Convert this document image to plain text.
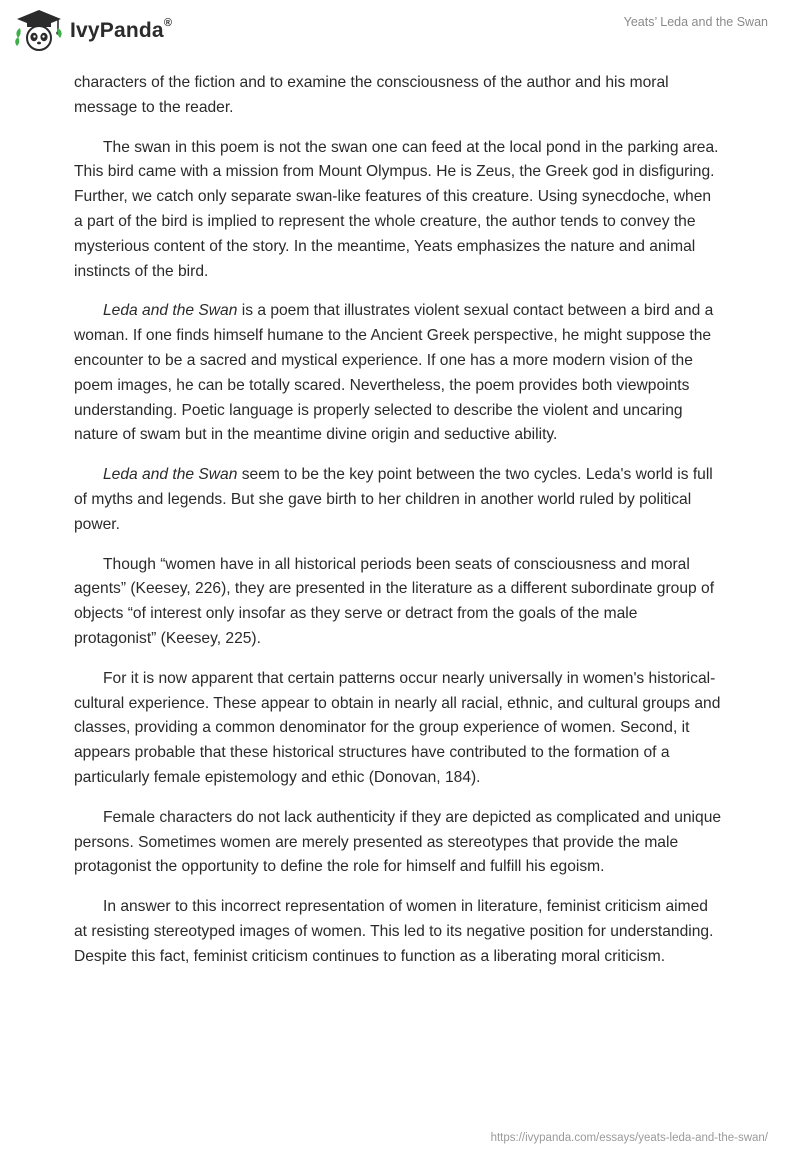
IvyPanda®	Yeats’ Leda and the Swan

characters of the fiction and to examine the consciousness of the author and his moral message to the reader.

The swan in this poem is not the swan one can feed at the local pond in the parking area. This bird came with a mission from Mount Olympus. He is Zeus, the Greek god in disfiguring. Further, we catch only separate swan-like features of this creature. Using synecdoche, when a part of the bird is implied to represent the whole creature, the author tends to convey the mysterious content of the story. In the meantime, Yeats emphasizes the nature and animal instincts of the bird.

Leda and the Swan is a poem that illustrates violent sexual contact between a bird and a woman. If one finds himself humane to the Ancient Greek perspective, he might suppose the encounter to be a sacred and mystical experience. If one has a more modern vision of the poem images, he can be totally scared. Nevertheless, the poem provides both viewpoints understanding. Poetic language is properly selected to describe the violent and uncaring nature of swam but in the meantime divine origin and seductive ability.

Leda and the Swan seem to be the key point between the two cycles. Leda's world is full of myths and legends. But she gave birth to her children in another world ruled by political power.

Though “women have in all historical periods been seats of consciousness and moral agents” (Keesey, 226), they are presented in the literature as a different subordinate group of objects “of interest only insofar as they serve or detract from the goals of the male protagonist” (Keesey, 225).

For it is now apparent that certain patterns occur nearly universally in women's historical-cultural experience. These appear to obtain in nearly all racial, ethnic, and cultural groups and classes, providing a common denominator for the group experience of women. Second, it appears probable that these historical structures have contributed to the formation of a particularly female epistemology and ethic (Donovan, 184).

Female characters do not lack authenticity if they are depicted as complicated and unique persons. Sometimes women are merely presented as stereotypes that provide the male protagonist the opportunity to define the role for himself and fulfill his egoism.

In answer to this incorrect representation of women in literature, feminist criticism aimed at resisting stereotyped images of women. This led to its negative position for understanding. Despite this fact, feminist criticism continues to function as a liberating moral criticism.

https://ivypanda.com/essays/yeats-leda-and-the-swan/
